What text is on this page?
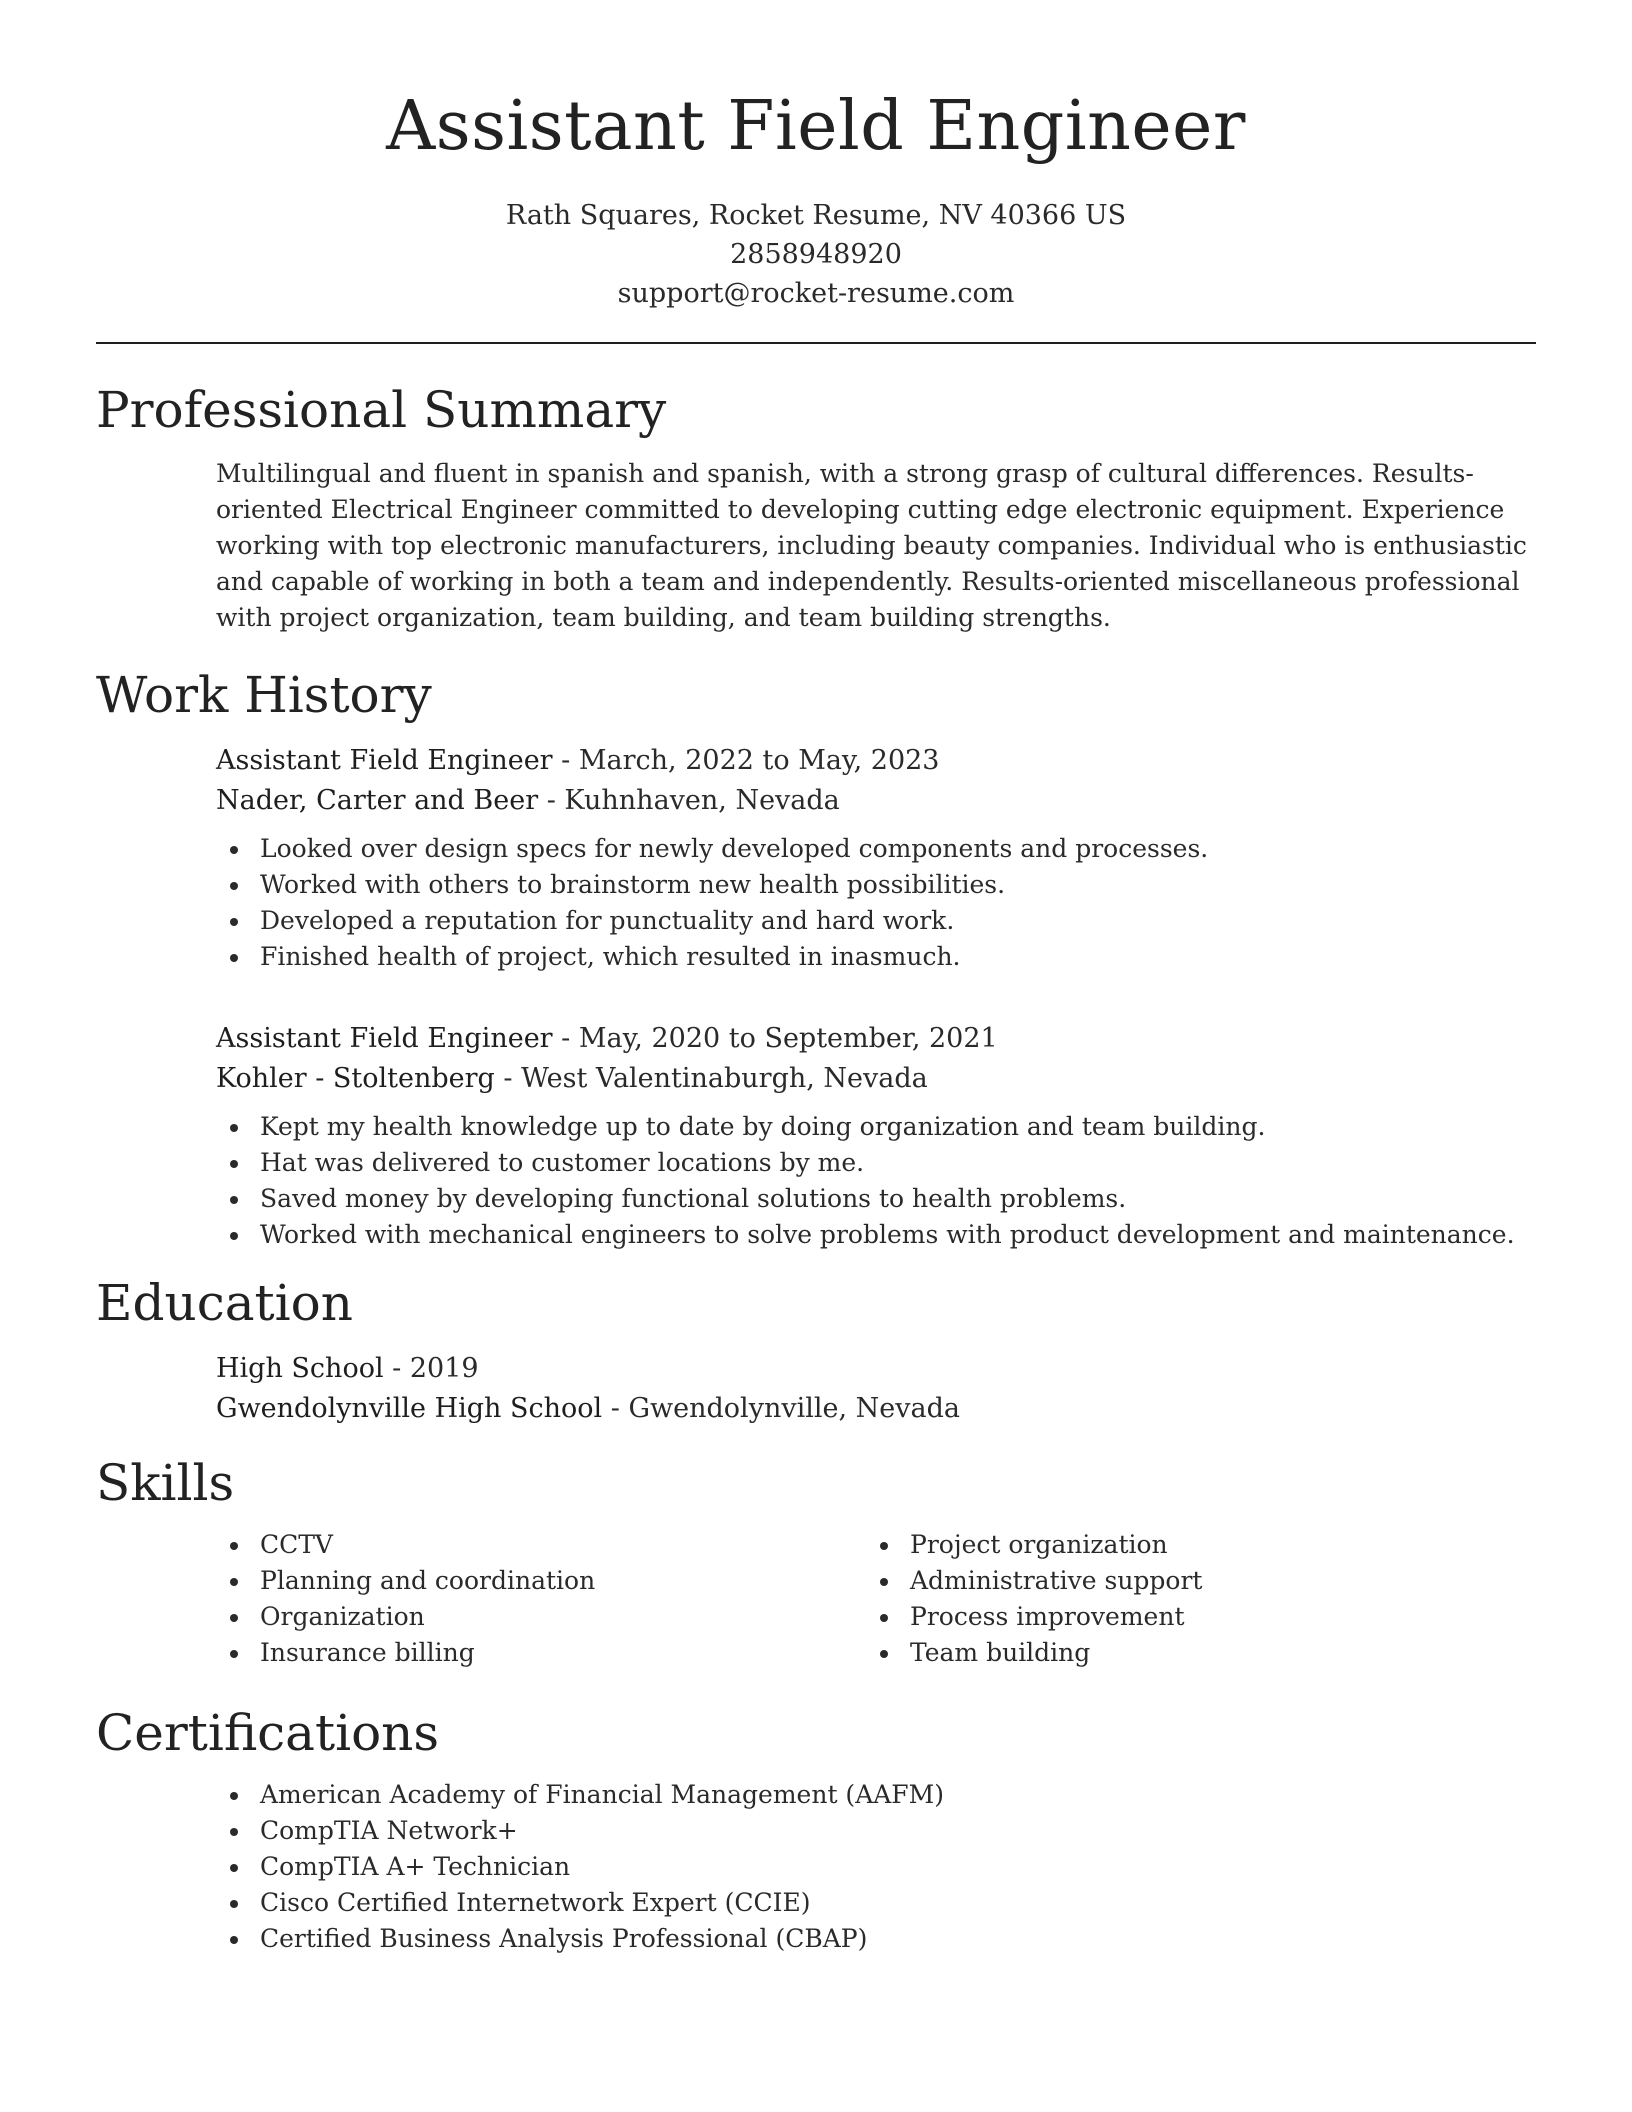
Assistant Field Engineer
Rath Squares, Rocket Resume, NV 40366 US
2858948920
support@rocket-resume.com
Professional Summary

Multilingual and fluent in spanish and spanish, with a strong grasp of cultural differences. Results-oriented Electrical Engineer committed to developing cutting edge electronic equipment. Experience working with top electronic manufacturers, including beauty companies. Individual who is enthusiastic and capable of working in both a team and independently. Results-oriented miscellaneous professional with project organization, team building, and team building strengths.

Work History
Assistant Field Engineer - March, 2022 to May, 2023
Nader, Carter and Beer - Kuhnhaven, Nevada
Looked over design specs for newly developed components and processes.
Worked with others to brainstorm new health possibilities.
Developed a reputation for punctuality and hard work.
Finished health of project, which resulted in inasmuch.
Assistant Field Engineer - May, 2020 to September, 2021
Kohler - Stoltenberg - West Valentinaburgh, Nevada
Kept my health knowledge up to date by doing organization and team building.
Hat was delivered to customer locations by me.
Saved money by developing functional solutions to health problems.
Worked with mechanical engineers to solve problems with product development and maintenance.
Education
High School - 2019
Gwendolynville High School - Gwendolynville, Nevada
Skills
CCTV
Planning and coordination
Organization
Insurance billing
Project organization
Administrative support
Process improvement
Team building
Certifications
American Academy of Financial Management (AAFM)
CompTIA Network+
CompTIA A+ Technician
Cisco Certified Internetwork Expert (CCIE)
Certified Business Analysis Professional (CBAP)
